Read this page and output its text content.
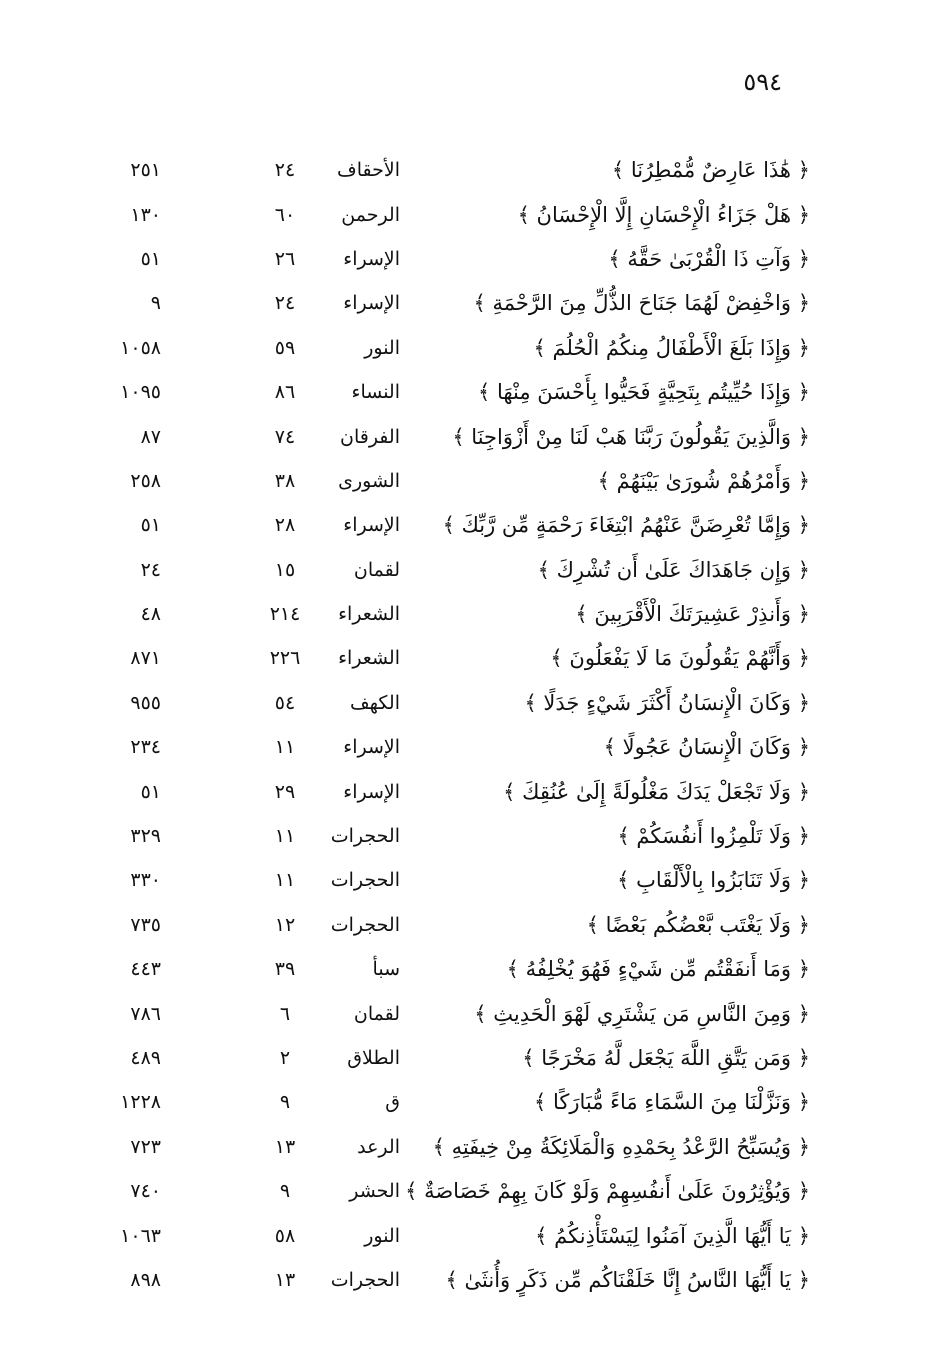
٥٩٤
﴿ هَٰذَا عَارِضٌ مُّمْطِرُنَا ﴾
الأحقاف
٢٤
٢٥١
﴿ هَلْ جَزَاءُ الْإِحْسَانِ إِلَّا الْإِحْسَانُ ﴾
الرحمن
٦٠
١٣٠
﴿ وَآتِ ذَا الْقُرْبَىٰ حَقَّهُ ﴾
الإسراء
٢٦
٥١
﴿ وَاخْفِضْ لَهُمَا جَنَاحَ الذُّلِّ مِنَ الرَّحْمَةِ ﴾
الإسراء
٢٤
٩
﴿ وَإِذَا بَلَغَ الْأَطْفَالُ مِنكُمُ الْحُلُمَ ﴾
النور
٥٩
١٠٥٨
﴿ وَإِذَا حُيِّيتُم بِتَحِيَّةٍ فَحَيُّوا بِأَحْسَنَ مِنْهَا ﴾
النساء
٨٦
١٠٩٥
﴿ وَالَّذِينَ يَقُولُونَ رَبَّنَا هَبْ لَنَا مِنْ أَزْوَاجِنَا ﴾
الفرقان
٧٤
٨٧
﴿ وَأَمْرُهُمْ شُورَىٰ بَيْنَهُمْ ﴾
الشورى
٣٨
٢٥٨
﴿ وَإِمَّا تُعْرِضَنَّ عَنْهُمُ ابْتِغَاءَ رَحْمَةٍ مِّن رَّبِّكَ ﴾
الإسراء
٢٨
٥١
﴿ وَإِن جَاهَدَاكَ عَلَىٰ أَن تُشْرِكَ ﴾
لقمان
١٥
٢٤
﴿ وَأَنذِرْ عَشِيرَتَكَ الْأَقْرَبِينَ ﴾
الشعراء
٢١٤
٤٨
﴿ وَأَنَّهُمْ يَقُولُونَ مَا لَا يَفْعَلُونَ ﴾
الشعراء
٢٢٦
٨٧١
﴿ وَكَانَ الْإِنسَانُ أَكْثَرَ شَيْءٍ جَدَلًا ﴾
الكهف
٥٤
٩٥٥
﴿ وَكَانَ الْإِنسَانُ عَجُولًا ﴾
الإسراء
١١
٢٣٤
﴿ وَلَا تَجْعَلْ يَدَكَ مَغْلُولَةً إِلَىٰ عُنُقِكَ ﴾
الإسراء
٢٩
٥١
﴿ وَلَا تَلْمِزُوا أَنفُسَكُمْ ﴾
الحجرات
١١
٣٢٩
﴿ وَلَا تَنَابَزُوا بِالْأَلْقَابِ ﴾
الحجرات
١١
٣٣٠
﴿ وَلَا يَغْتَب بَّعْضُكُم بَعْضًا ﴾
الحجرات
١٢
٧٣٥
﴿ وَمَا أَنفَقْتُم مِّن شَيْءٍ فَهُوَ يُخْلِفُهُ ﴾
سبأ
٣٩
٤٤٣
﴿ وَمِنَ النَّاسِ مَن يَشْتَرِي لَهْوَ الْحَدِيثِ ﴾
لقمان
٦
٧٨٦
﴿ وَمَن يَتَّقِ اللَّهَ يَجْعَل لَّهُ مَخْرَجًا ﴾
الطلاق
٢
٤٨٩
﴿ وَنَزَّلْنَا مِنَ السَّمَاءِ مَاءً مُّبَارَكًا ﴾
ق
٩
١٢٢٨
﴿ وَيُسَبِّحُ الرَّعْدُ بِحَمْدِهِ وَالْمَلَائِكَةُ مِنْ خِيفَتِهِ ﴾
الرعد
١٣
٧٢٣
﴿ وَيُؤْثِرُونَ عَلَىٰ أَنفُسِهِمْ وَلَوْ كَانَ بِهِمْ خَصَاصَةٌ ﴾
الحشر
٩
٧٤٠
﴿ يَا أَيُّهَا الَّذِينَ آمَنُوا لِيَسْتَأْذِنكُمُ ﴾
النور
٥٨
١٠٦٣
﴿ يَا أَيُّهَا النَّاسُ إِنَّا خَلَقْنَاكُم مِّن ذَكَرٍ وَأُنثَىٰ ﴾
الحجرات
١٣
٨٩٨
